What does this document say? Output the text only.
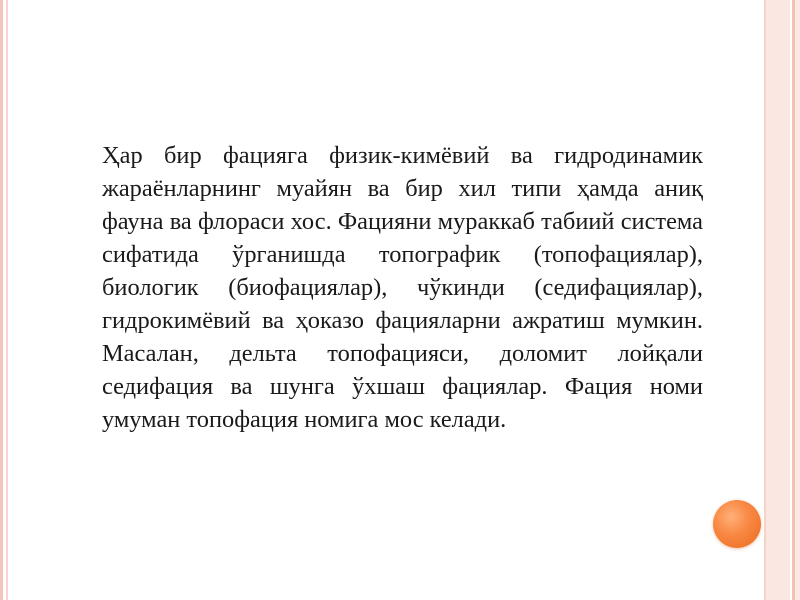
Ҳар бир фацияга физик-кимёвий ва гидродинамик жараёнларнинг муайян ва бир хил типи ҳамда аниқ фауна ва флораси хос. Фацияни мураккаб табиий система сифатида ўрганишда топографик (топофациялар), биологик (биофациялар), чўкинди (седифациялар), гидрокимёвий ва ҳоказо фацияларни ажратиш мумкин. Масалан, дельта топофацияси, доломит лойқали седифация ва шунга ўхшаш фациялар. Фация номи умуман топофация номига мос келади.
